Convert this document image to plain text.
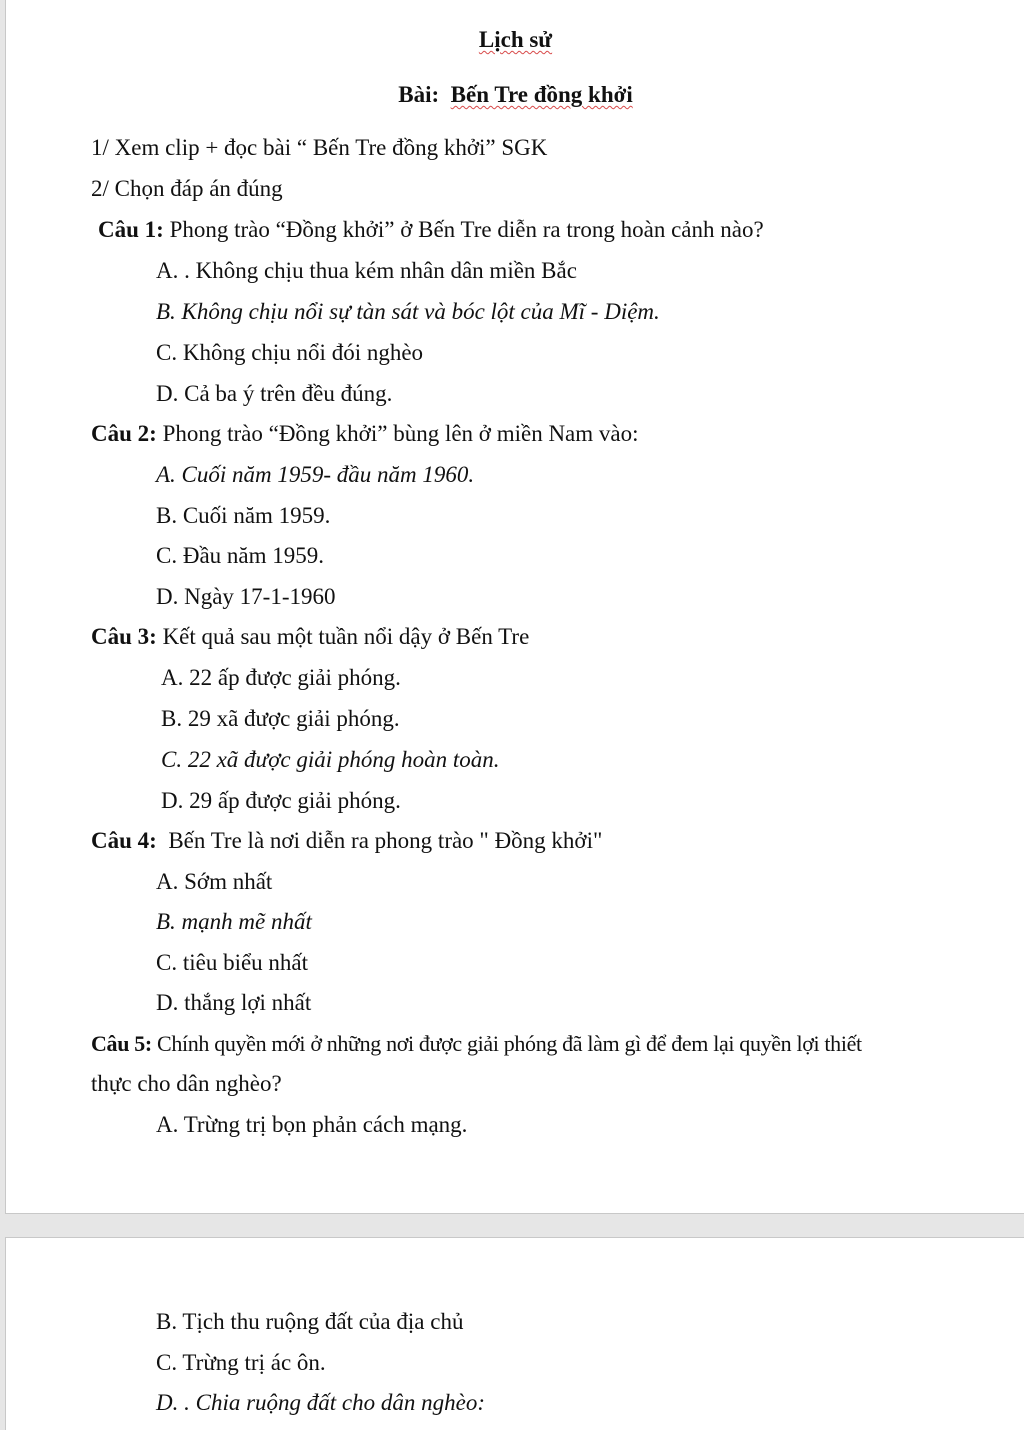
Lịch sử
Bài: Bến Tre đồng khởi
1/ Xem clip + đọc bài “ Bến Tre đồng khởi” SGK
2/ Chọn đáp án đúng
Câu 1: Phong trào “Đồng khởi” ở Bến Tre diễn ra trong hoàn cảnh nào?
A. . Không chịu thua kém nhân dân miền Bắc
B. Không chịu nổi sự tàn sát và bóc lột của Mĩ - Diệm.
C. Không chịu nổi đói nghèo
D. Cả ba ý trên đều đúng.
Câu 2: Phong trào “Đồng khởi” bùng lên ở miền Nam vào:
A. Cuối năm 1959- đầu năm 1960.
B. Cuối năm 1959.
C. Đầu năm 1959.
D. Ngày 17-1-1960
Câu 3: Kết quả sau một tuần nổi dậy ở Bến Tre
A. 22 ấp được giải phóng.
B. 29 xã được giải phóng.
C. 22 xã được giải phóng hoàn toàn.
D. 29 ấp được giải phóng.
Câu 4: Bến Tre là nơi diễn ra phong trào " Đồng khởi"
A. Sớm nhất
B. mạnh mẽ nhất
C. tiêu biểu nhất
D. thắng lợi nhất
Câu 5: Chính quyền mới ở những nơi được giải phóng đã làm gì để đem lại quyền lợi thiết
thực cho dân nghèo?
A. Trừng trị bọn phản cách mạng.
B. Tịch thu ruộng đất của địa chủ
C. Trừng trị ác ôn.
D. . Chia ruộng đất cho dân nghèo:
